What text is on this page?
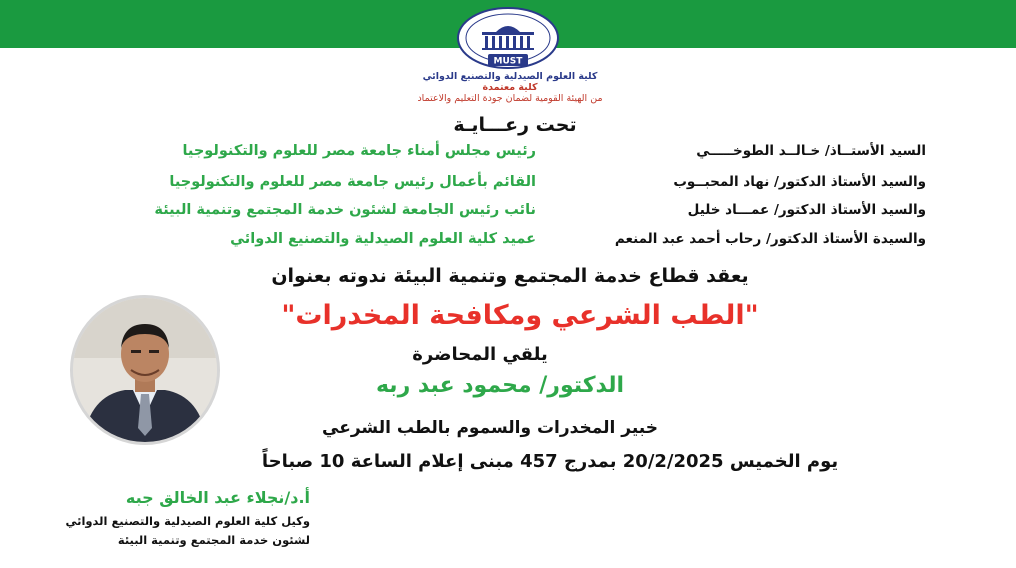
MUST
كلية العلوم الصيدلية والتصنيع الدوائي
كلية معتمدة
من الهيئة القومية لضمان جودة التعليم والاعتماد
تحت رعـــايـة
السيد الأستــاذ/ خـالــد الطوخـــــي
رئيس مجلس أمناء جامعة مصر للعلوم والتكنولوجيا
والسيد الأستاذ الدكتور/ نهاد المحبــوب
القائم بأعمال رئيس جامعة مصر للعلوم والتكنولوجيا
والسيد الأستاذ الدكتور/ عمـــاد خليل
نائب رئيس الجامعة لشئون خدمة المجتمع وتنمية البيئة
والسيدة الأستاذ الدكتور/ رحاب أحمد عبد المنعم
عميد كلية العلوم الصيدلية والتصنيع الدوائي
يعقد قطاع خدمة المجتمع وتنمية البيئة ندوته بعنوان
"الطب الشرعي ومكافحة المخدرات"
يلقي المحاضرة
الدكتور/ محمود عبد ربه
خبير المخدرات والسموم بالطب الشرعي
يوم الخميس 20/2/2025 بمدرج 457 مبنى إعلام الساعة 10 صباحاً
أ.د/نجلاء عبد الخالق جبه
وكيل كلية العلوم الصيدلية والتصنيع الدوائي
لشئون خدمة المجتمع وتنمية البيئة
